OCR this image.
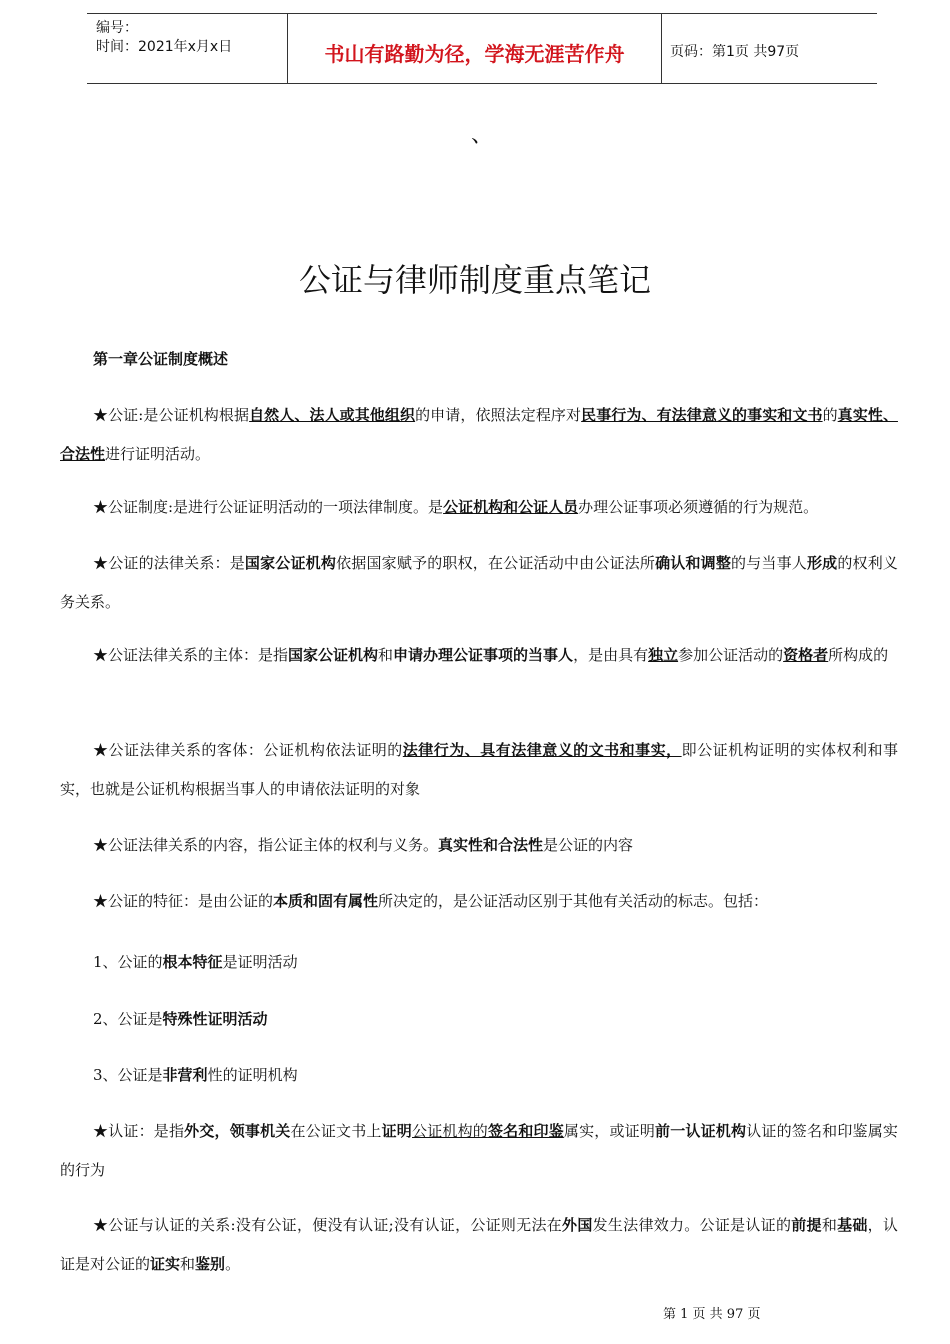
编号：
时间：2021年x月x日	书山有路勤为径，学海无涯苦作舟	页码：第1页 共97页
、
公证与律师制度重点笔记
第一章公证制度概述
★公证:是公证机构根据自然人、法人或其他组织的申请，依照法定程序对民事行为、有法律意义的事实和文书的真实性、合法性进行证明活动。
★公证制度:是进行公证证明活动的一项法律制度。是公证机构和公证人员办理公证事项必须遵循的行为规范。
★公证的法律关系：是国家公证机构依据国家赋予的职权，在公证活动中由公证法所确认和调整的与当事人形成的权利义务关系。
★公证法律关系的主体：是指国家公证机构和申请办理公证事项的当事人，是由具有独立参加公证活动的资格者所构成的
★公证法律关系的客体：公证机构依法证明的法律行为、具有法律意义的文书和事实，即公证机构证明的实体权利和事实，也就是公证机构根据当事人的申请依法证明的对象
★公证法律关系的内容，指公证主体的权利与义务。真实性和合法性是公证的内容
★公证的特征：是由公证的本质和固有属性所决定的，是公证活动区别于其他有关活动的标志。包括：
1、公证的根本特征是证明活动
2、公证是特殊性证明活动
3、公证是非营利性的证明机构
★认证：是指外交，领事机关在公证文书上证明公证机构的签名和印鉴属实，或证明前一认证机构认证的签名和印鉴属实的行为
★公证与认证的关系:没有公证，便没有认证;没有认证，公证则无法在外国发生法律效力。公证是认证的前提和基础，认证是对公证的证实和鉴别。
第 1 页 共 97 页
